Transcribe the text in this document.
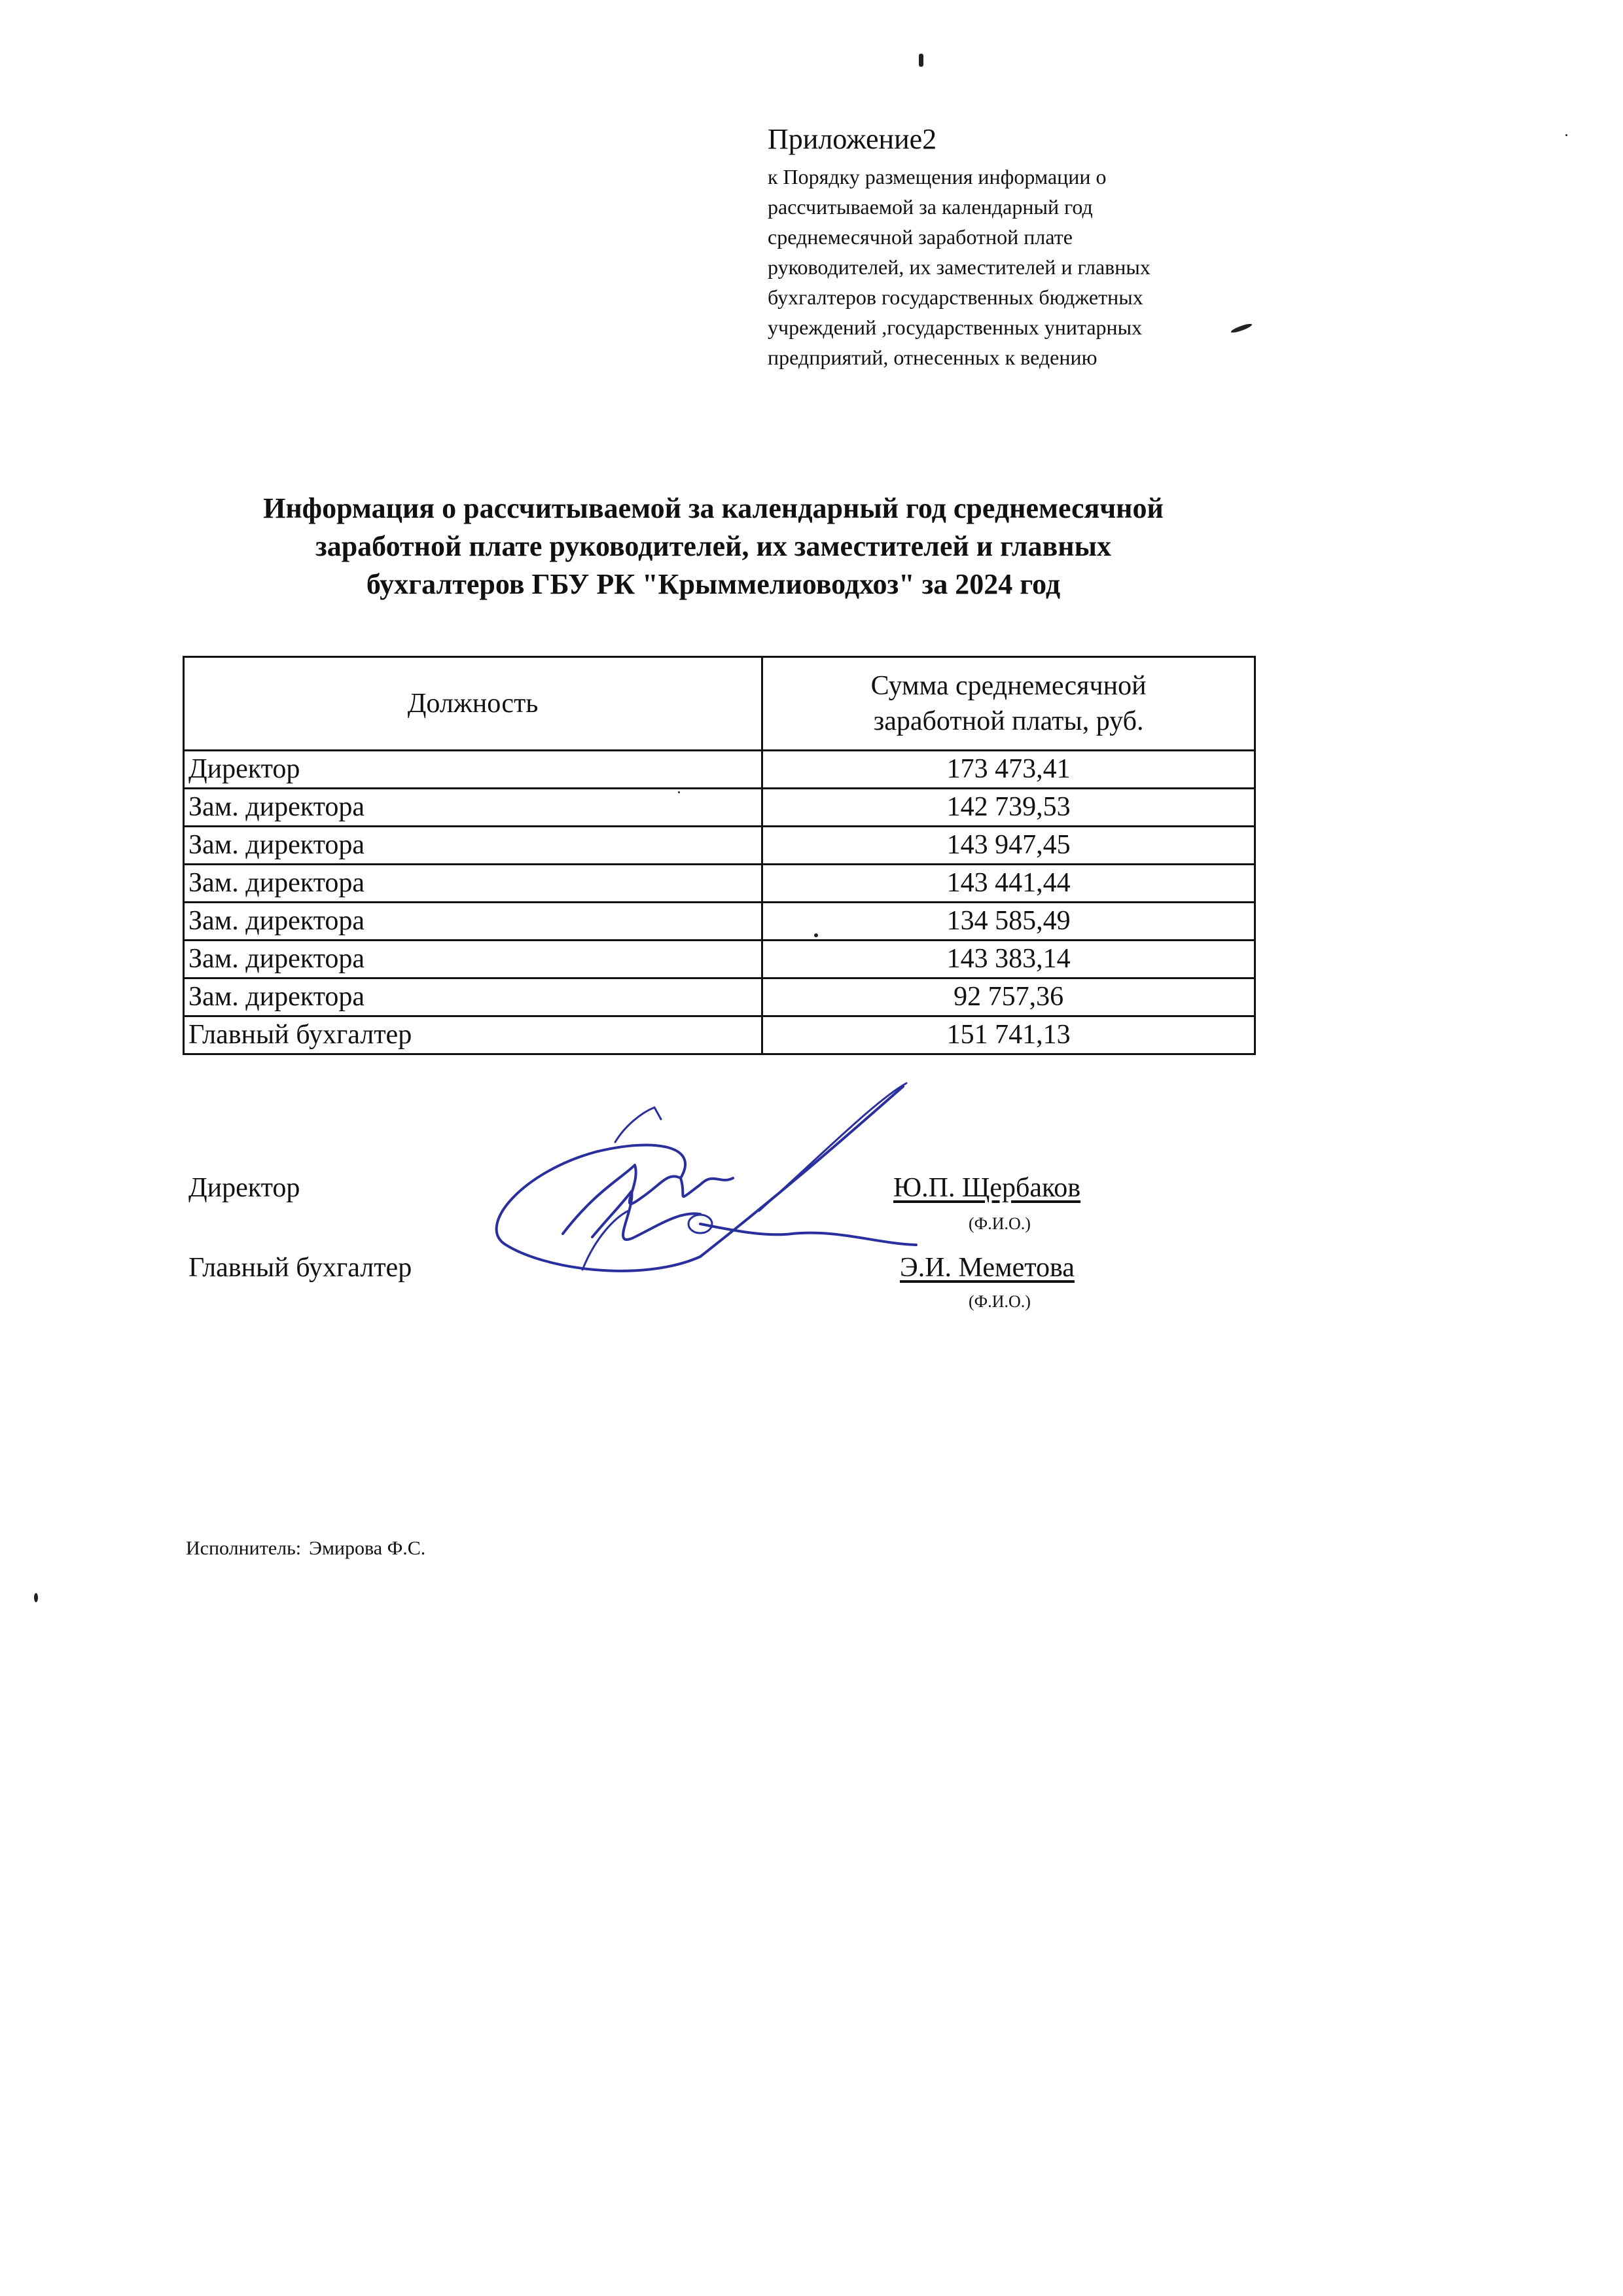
Приложение2
к Порядку размещения информации о
рассчитываемой за календарный год
среднемесячной заработной плате
руководителей, их заместителей и главных
бухгалтеров государственных бюджетных
учреждений ,государственных унитарных
предприятий, отнесенных к ведению
Информация о рассчитываемой за календарный год среднемесячной
заработной плате руководителей, их заместителей и главных
бухгалтеров ГБУ РК "Крыммелиоводхоз" за 2024 год
Должность	Сумма среднемесячной
заработной платы, руб.

Директор	173 473,41
Зам. директора	142 739,53
Зам. директора	143 947,45
Зам. директора	143 441,44
Зам. директора	134 585,49
Зам. директора	143 383,14
Зам. директора	92 757,36
Главный бухгалтер	151 741,13
Директор	Ю.П. Щербаков
(Ф.И.О.)
Главный бухгалтер	Э.И. Меметова
(Ф.И.О.)
Исполнитель: Эмирова Ф.С.
